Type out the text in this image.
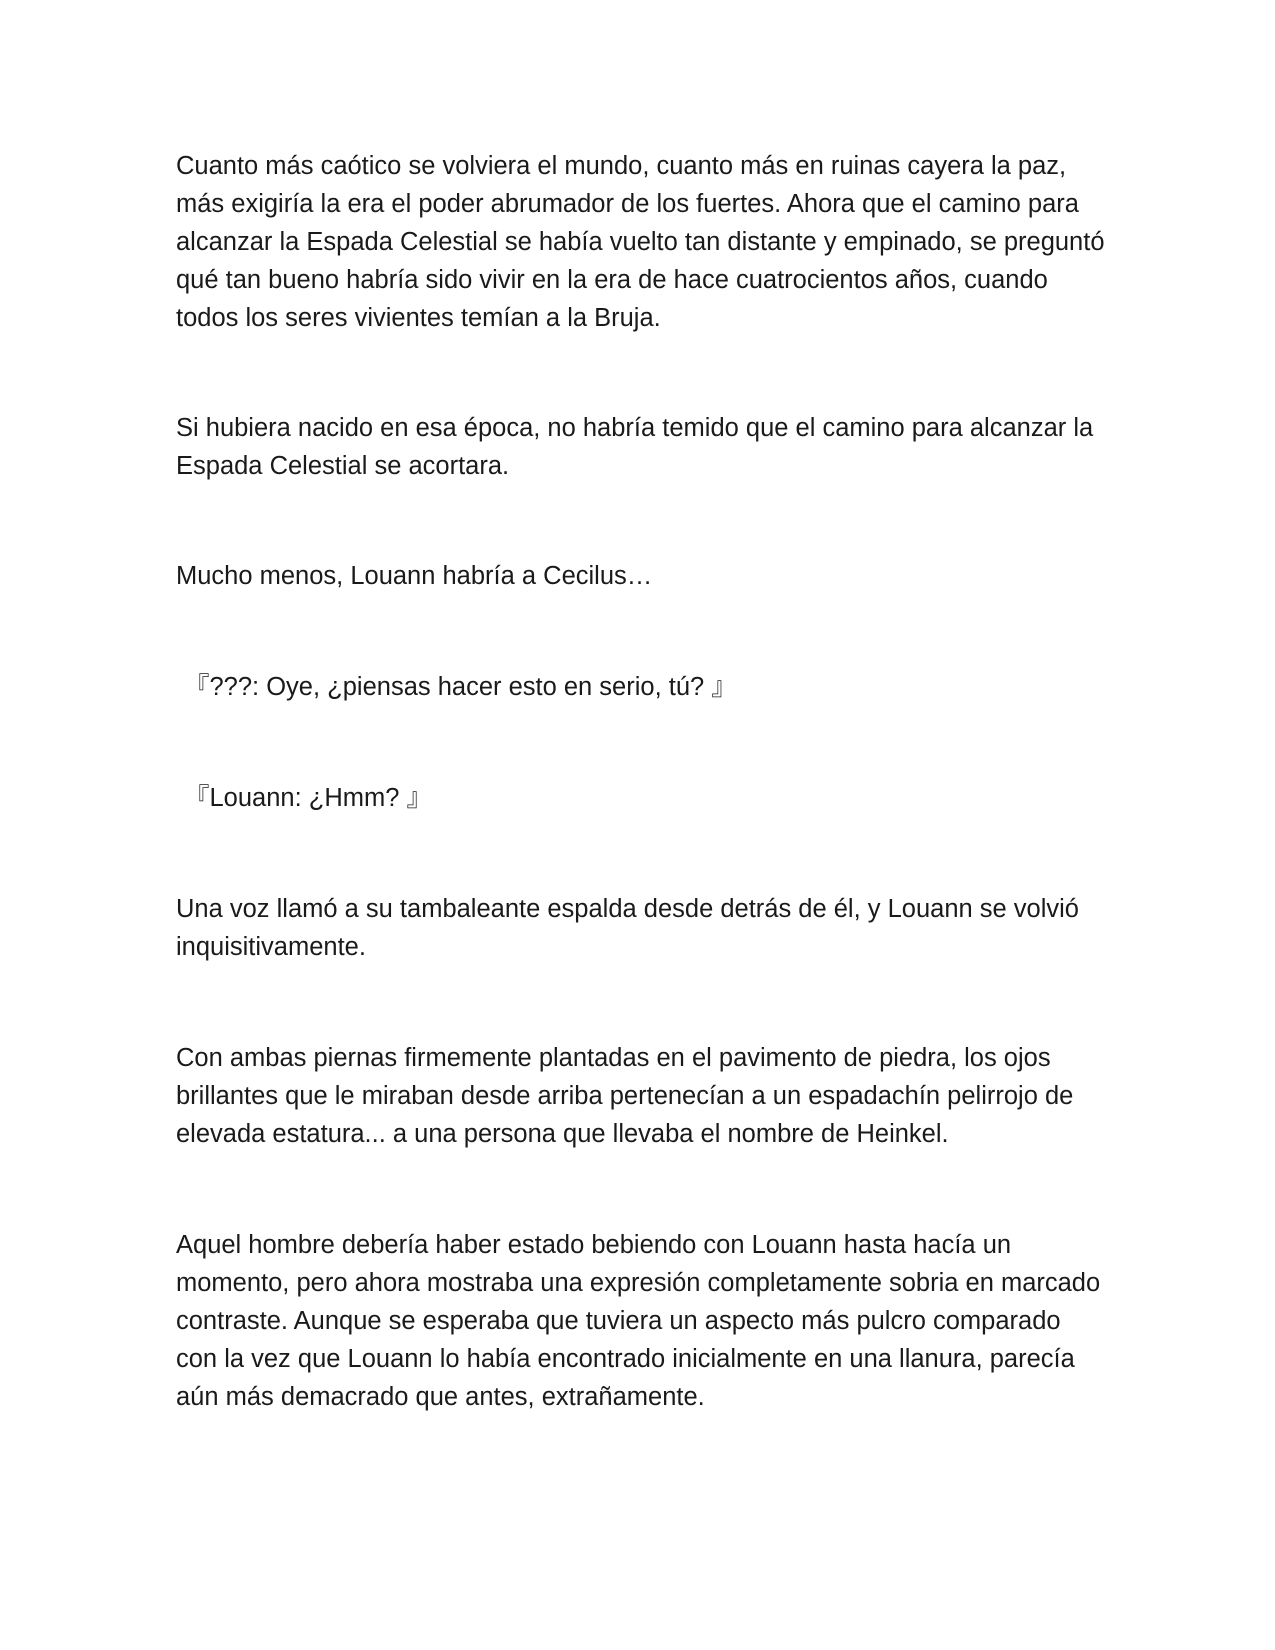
Cuanto más caótico se volviera el mundo, cuanto más en ruinas cayera la paz, más exigiría la era el poder abrumador de los fuertes. Ahora que el camino para alcanzar la Espada Celestial se había vuelto tan distante y empinado, se preguntó qué tan bueno habría sido vivir en la era de hace cuatrocientos años, cuando todos los seres vivientes temían a la Bruja.

Si hubiera nacido en esa época, no habría temido que el camino para alcanzar la Espada Celestial se acortara.

Mucho menos, Louann habría a Cecilus…

『???: Oye, ¿piensas hacer esto en serio, tú? 』

『Louann: ¿Hmm? 』

Una voz llamó a su tambaleante espalda desde detrás de él, y Louann se volvió inquisitivamente.

Con ambas piernas firmemente plantadas en el pavimento de piedra, los ojos brillantes que le miraban desde arriba pertenecían a un espadachín pelirrojo de elevada estatura... a una persona que llevaba el nombre de Heinkel.

Aquel hombre debería haber estado bebiendo con Louann hasta hacía un momento, pero ahora mostraba una expresión completamente sobria en marcado contraste. Aunque se esperaba que tuviera un aspecto más pulcro comparado con la vez que Louann lo había encontrado inicialmente en una llanura, parecía aún más demacrado que antes, extrañamente.
